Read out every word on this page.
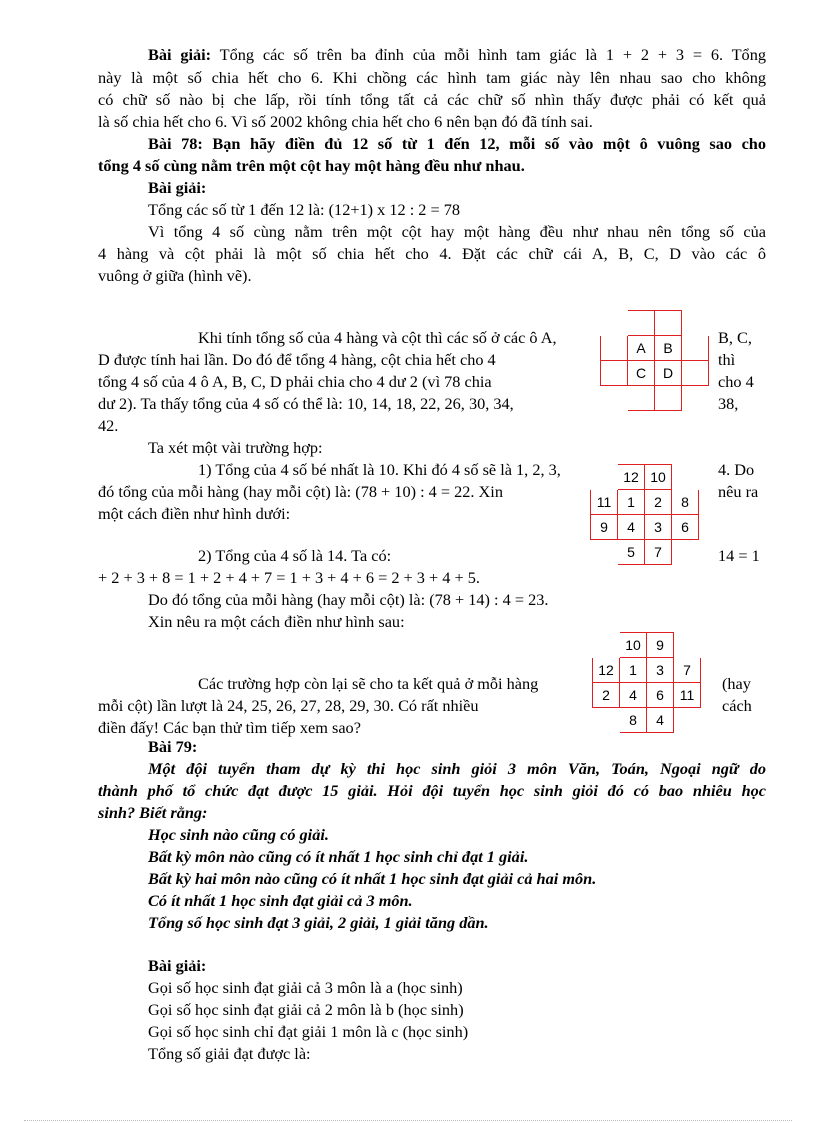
Bài giải: Tổng các số trên ba đỉnh của mỗi hình tam giác là 1 + 2 + 3 = 6. Tổng
này là một số chia hết cho 6. Khi chồng các hình tam giác này lên nhau sao cho không
có chữ số nào bị che lấp, rồi tính tổng tất cả các chữ số nhìn thấy được phải có kết quả
là số chia hết cho 6. Vì số 2002 không chia hết cho 6 nên bạn đó đã tính sai.
Bài 78: Bạn hãy điền đủ 12 số từ 1 đến 12, mỗi số vào một ô vuông sao cho
tổng 4 số cùng nằm trên một cột hay một hàng đều như nhau.
Bài giải:
Tổng các số từ 1 đến 12 là: (12+1) x 12 : 2 = 78
Vì tổng 4 số cùng nằm trên một cột hay một hàng đều như nhau nên tổng số của
4 hàng và cột phải là một số chia hết cho 4. Đặt các chữ cái A, B, C, D vào các ô
vuông ở giữa (hình vẽ).
Khi tính tổng số của 4 hàng và cột thì các số ở các ô A,	B, C,
D được tính hai lần. Do đó để tổng 4 hàng, cột chia hết cho 4	thì
tổng 4 số của 4 ô A, B, C, D phải chia cho 4 dư 2 (vì 78 chia	cho 4
dư 2). Ta thấy tổng của 4 số có thể là: 10, 14, 18, 22, 26, 30, 34,	38,
42.
Ta xét một vài trường hợp:
1) Tổng của 4 số bé nhất là 10. Khi đó 4 số sẽ là 1, 2, 3,	4. Do
đó tổng của mỗi hàng (hay mỗi cột) là: (78 + 10) : 4 = 22. Xin	nêu ra
một cách điền như hình dưới:
2) Tổng của 4 số là 14. Ta có:	14 = 1
+ 2 + 3 + 8 = 1 + 2 + 4 + 7 = 1 + 3 + 4 + 6 = 2 + 3 + 4 + 5.
Do đó tổng của mỗi hàng (hay mỗi cột) là: (78 + 14) : 4 = 23.
Xin nêu ra một cách điền như hình sau:
Các trường hợp còn lại sẽ cho ta kết quả ở mỗi hàng	(hay
mỗi cột) lần lượt là 24, 25, 26, 27, 28, 29, 30. Có rất nhiều	cách
điền đấy! Các bạn thử tìm tiếp xem sao?

	A	B	
	C	D	

	12	10	
11	1	2	8
9	4	3	6
	5	7	
	10	9	
12	1	3	7
2	4	6	11
	8	4	
Bài 79:
Một đội tuyển tham dự kỳ thi học sinh giỏi 3 môn Văn, Toán, Ngoại ngữ do
thành phố tổ chức đạt được 15 giải. Hỏi đội tuyển học sinh giỏi đó có bao nhiêu học
sinh? Biết rằng:
Học sinh nào cũng có giải.
Bất kỳ môn nào cũng có ít nhất 1 học sinh chỉ đạt 1 giải.
Bất kỳ hai môn nào cũng có ít nhất 1 học sinh đạt giải cả hai môn.
Có ít nhất 1 học sinh đạt giải cả 3 môn.
Tổng số học sinh đạt 3 giải, 2 giải, 1 giải tăng dần.
Bài giải:
Gọi số học sinh đạt giải cả 3 môn là a (học sinh)
Gọi số học sinh đạt giải cả 2 môn là b (học sinh)
Gọi số học sinh chỉ đạt giải 1 môn là c (học sinh)
Tổng số giải đạt được là:
